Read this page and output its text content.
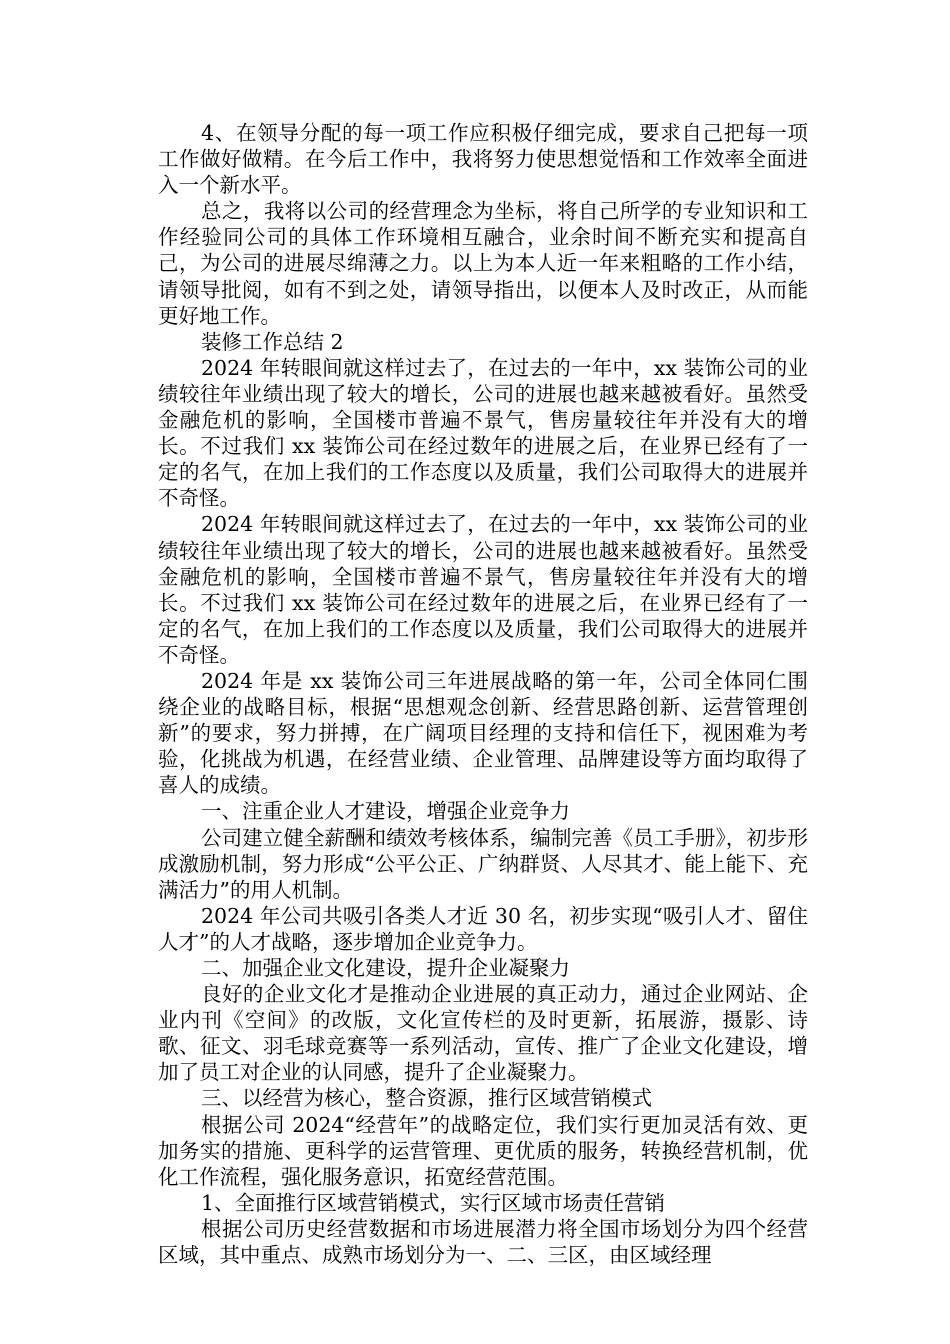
4、在领导分配的每一项工作应积极仔细完成，要求自己把每一项工作做好做精。在今后工作中，我将努力使思想觉悟和工作效率全面进入一个新水平。

总之，我将以公司的经营理念为坐标，将自己所学的专业知识和工作经验同公司的具体工作环境相互融合，业余时间不断充实和提高自己，为公司的进展尽绵薄之力。以上为本人近一年来粗略的工作小结，请领导批阅，如有不到之处，请领导指出，以便本人及时改正，从而能更好地工作。

装修工作总结 2

2024 年转眼间就这样过去了，在过去的一年中，xx 装饰公司的业绩较往年业绩出现了较大的增长，公司的进展也越来越被看好。虽然受金融危机的影响，全国楼市普遍不景气，售房量较往年并没有大的增长。不过我们 xx 装饰公司在经过数年的进展之后，在业界已经有了一定的名气，在加上我们的工作态度以及质量，我们公司取得大的进展并不奇怪。

2024 年转眼间就这样过去了，在过去的一年中，xx 装饰公司的业绩较往年业绩出现了较大的增长，公司的进展也越来越被看好。虽然受金融危机的影响，全国楼市普遍不景气，售房量较往年并没有大的增长。不过我们 xx 装饰公司在经过数年的进展之后，在业界已经有了一定的名气，在加上我们的工作态度以及质量，我们公司取得大的进展并不奇怪。

2024 年是 xx 装饰公司三年进展战略的第一年，公司全体同仁围绕企业的战略目标，根据“思想观念创新、经营思路创新、运营管理创新”的要求，努力拼搏，在广阔项目经理的支持和信任下，视困难为考验，化挑战为机遇，在经营业绩、企业管理、品牌建设等方面均取得了喜人的成绩。

一、注重企业人才建设，增强企业竞争力

公司建立健全薪酬和绩效考核体系，编制完善《员工手册》，初步形成激励机制，努力形成“公平公正、广纳群贤、人尽其才、能上能下、充满活力”的用人机制。

2024 年公司共吸引各类人才近 30 名，初步实现“吸引人才、留住人才”的人才战略，逐步增加企业竞争力。

二、加强企业文化建设，提升企业凝聚力

良好的企业文化才是推动企业进展的真正动力，通过企业网站、企业内刊《空间》的改版，文化宣传栏的及时更新，拓展游，摄影、诗歌、征文、羽毛球竞赛等一系列活动，宣传、推广了企业文化建设，增加了员工对企业的认同感，提升了企业凝聚力。

三、以经营为核心，整合资源，推行区域营销模式

根据公司 2024“经营年”的战略定位，我们实行更加灵活有效、更加务实的措施、更科学的运营管理、更优质的服务，转换经营机制，优化工作流程，强化服务意识，拓宽经营范围。

1、全面推行区域营销模式，实行区域市场责任营销

根据公司历史经营数据和市场进展潜力将全国市场划分为四个经营区域，其中重点、成熟市场划分为一、二、三区，由区域经理
